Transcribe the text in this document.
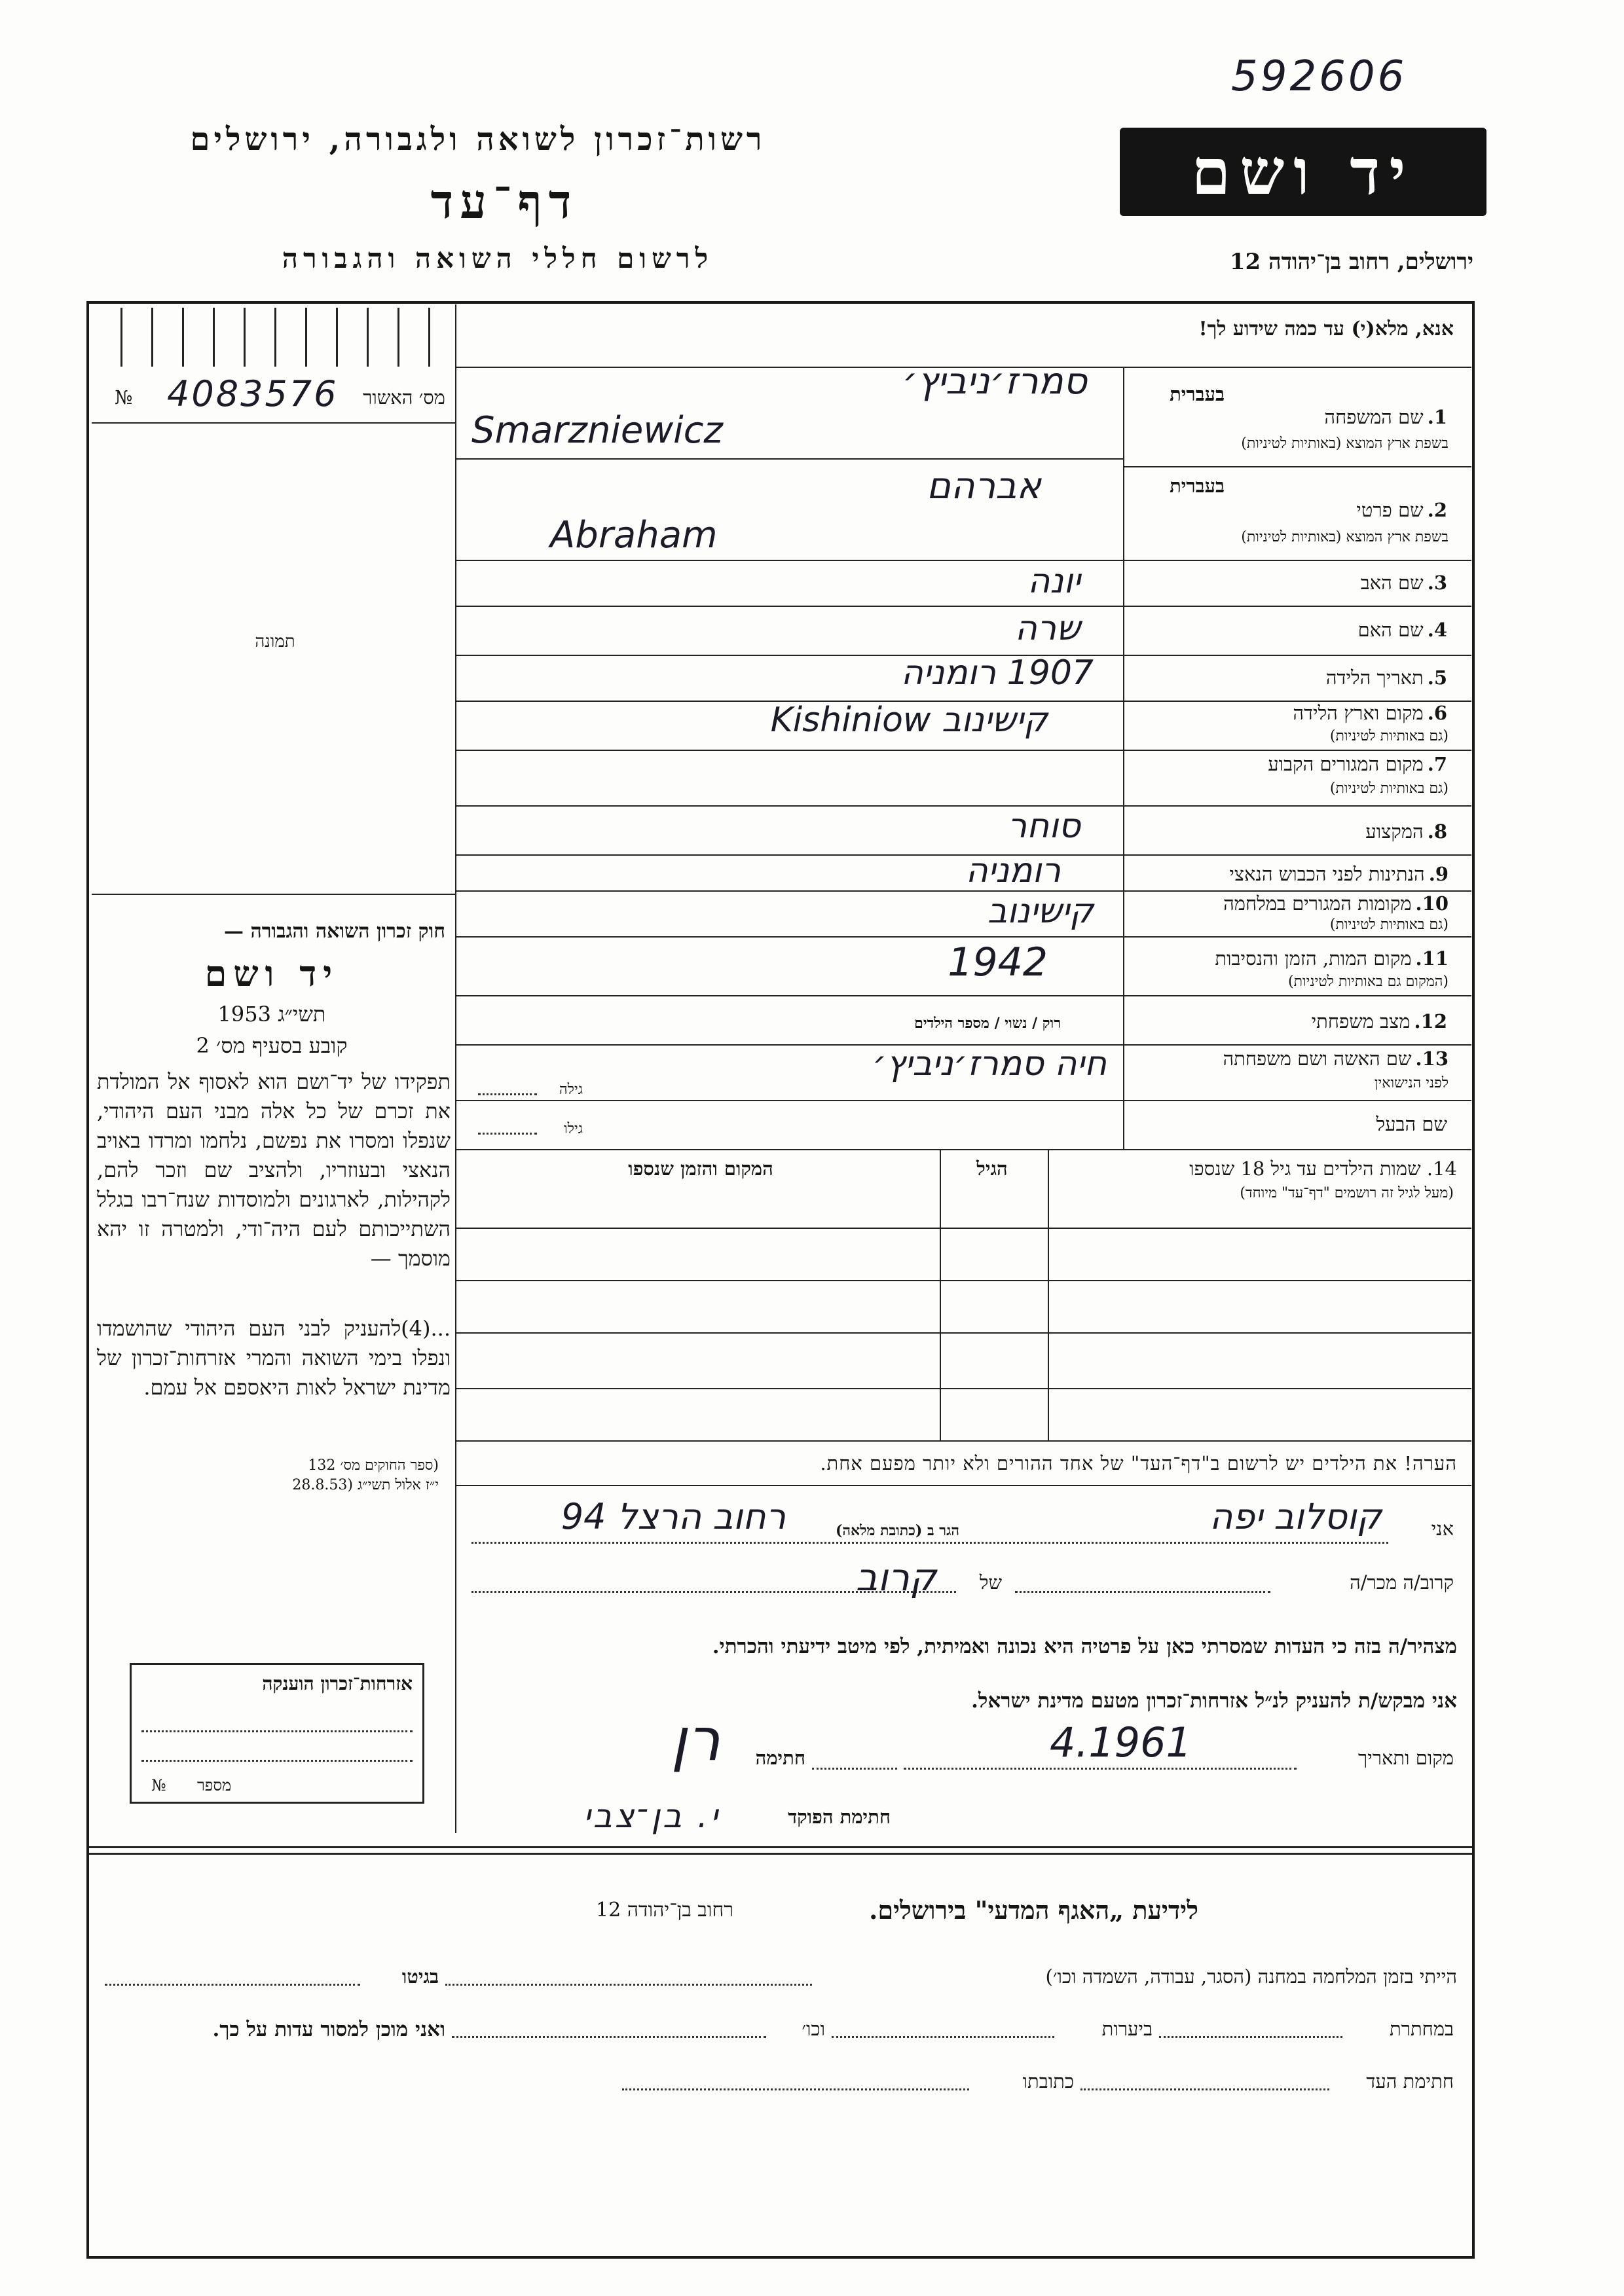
592606
רשות־זכרון לשואה ולגבורה, ירושלים
דף־עד
לרשום חללי השואה והגבורה
יד ושם
ירושלים, רחוב בן־יהודה 12
מס׳ האשור
№ 4083576
תמונה
חוק זכרון השואה והגבורה —
יד ושם
תשי״ג 1953
קובע בסעיף מס׳ 2
תפקידו של יד־ושם הוא לאסוף אל המולדת את זכרם של כל אלה מבני העם היהודי, שנפלו ומסרו את נפשם, נלחמו ומרדו באויב הנאצי ובעוזריו, ולהציב שם וזכר להם, לקהילות, לארגונים ולמוסדות שנח־רבו בגלל השתייכותם לעם היה־ודי, ולמטרה זו יהא מוסמך —
...(4)להעניק לבני העם היהודי שהושמדו ונפלו בימי השואה והמרי אזרחות־זכרון של מדינת ישראל לאות היאספם אל עמם.
(ספר החוקים מס׳ 132
י״ז אלול תשי״ג (28.8.53
אזרחות־זכרון הוענקה
מספר
№
אנא, מלא(י) עד כמה שידוע לך!
בעברית
1.שם המשפחה
בשפת ארץ המוצא (באותיות לטיניות)
סמרז׳ניביץ׳
Smarzniewicz
בעברית
2.שם פרטי
בשפת ארץ המוצא (באותיות לטיניות)
אברהם
Abraham
3.שם האב
יונה
4.שם האם
שרה
5.תאריך הלידה
1907 רומניה
6.מקום וארץ הלידה
(גם באותיות לטיניות)
קישינוב Kishiniow
7.מקום המגורים הקבוע
(גם באותיות לטיניות)
8.המקצוע
סוחר
9.הנתינות לפני הכבוש הנאצי
רומניה
10.מקומות המגורים במלחמה
(גם באותיות לטיניות)
קישינוב
11.מקום המות, הזמן והנסיבות
(המקום גם באותיות לטיניות)
1942
12.מצב משפחתי
רוק / נשוי / מספר הילדים
13.שם האשה ושם משפחתה
לפני הנישואין
חיה סמרז׳ניביץ׳
גילה
שם הבעל
גילו
14. שמות הילדים עד גיל 18 שנספו
(מעל לגיל זה רושמים "דף־עד" מיוחד)
הגיל
המקום והזמן שנספו
הערה! את הילדים יש לרשום ב"דף־העד" של אחד ההורים ולא יותר מפעם אחת.
אני
קוסלוב יפה
הגר ב (כתובת מלאה)
רחוב הרצל 94
קרוב/ה מכר/ה
של
קרוב
מצהיר/ה בזה כי העדות שמסרתי כאן על פרטיה היא נכונה ואמיתית, לפי מיטב ידיעתי והכרתי.
אני מבקש/ת להעניק לנ״ל אזרחות־זכרון מטעם מדינת ישראל.
מקום ותאריך
4.1961
חתימה
רן
חתימת הפוקד
י. בן־צבי
לידיעת „האגף המדעי" בירושלים.
רחוב בן־יהודה 12
הייתי בזמן המלחמה במחנה (הסגר, עבודה, השמדה וכו׳)
בגיטו
במחתרת
ביערות
וכו׳
ואני מוכן למסור עדות על כך.
חתימת העד
כתובתו
